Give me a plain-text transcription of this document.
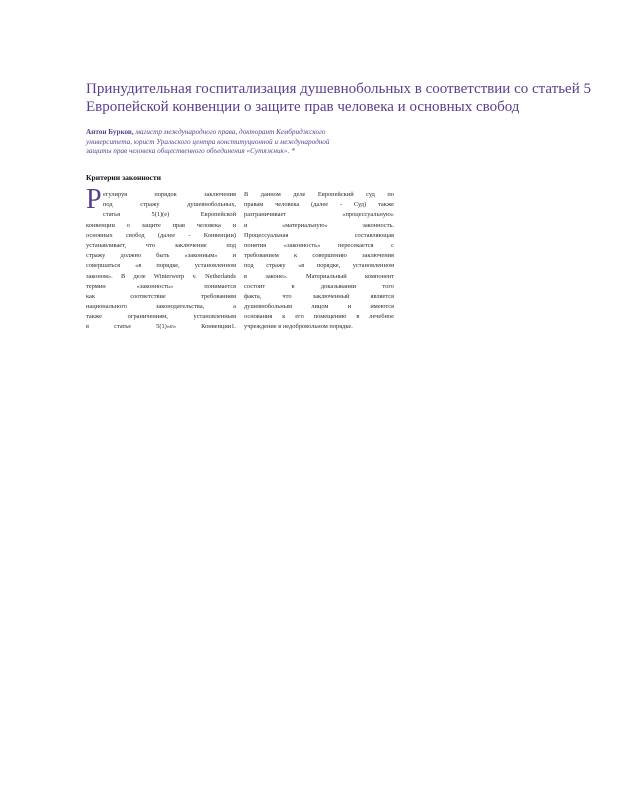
Принудительная госпитализация душевнобольных в соответствии со статьей 5
Европейской конвенции о защите прав человека и основных свобод
Антон Бурков, магистр международного права, докторант Кембриджского
университета, юрист Уральского центра конституционной и международной
защиты прав человека общественного объединения «Сутяжник». *
Критерии законности
Р егулируя порядок заключения
под стражу душевнобольных,
статья 5(1)(е) Европейской
конвенции о защите прав человека и
основных свобод (далее - Конвенции)
устанавливает, что заключение под
стражу должно быть «законным» и
совершаться «в порядке, установленном
законом». В деле Winterwerp v. Netherlands
термин «законность» понимается
как соответствие требованиям
национального законодательства, а
также ограничениям, установленным
в статье 5(1)«е» Конвенции1.
В данном деле Европейский суд по
правам человека (далее - Суд) также
разграничивает «процессуальную»
и «материальную» законность.
Процессуальная составляющая
понятия «законность» пересекается с
требованием к совершению заключения
под стражу «в порядке, установленном
в законе». Материальный компонент
состоит в доказывании того
факта, что заключенный является
душевнобольным лицом и имеются
основания к его помещению в лечебное
учреждение в недобровольном порядке.
